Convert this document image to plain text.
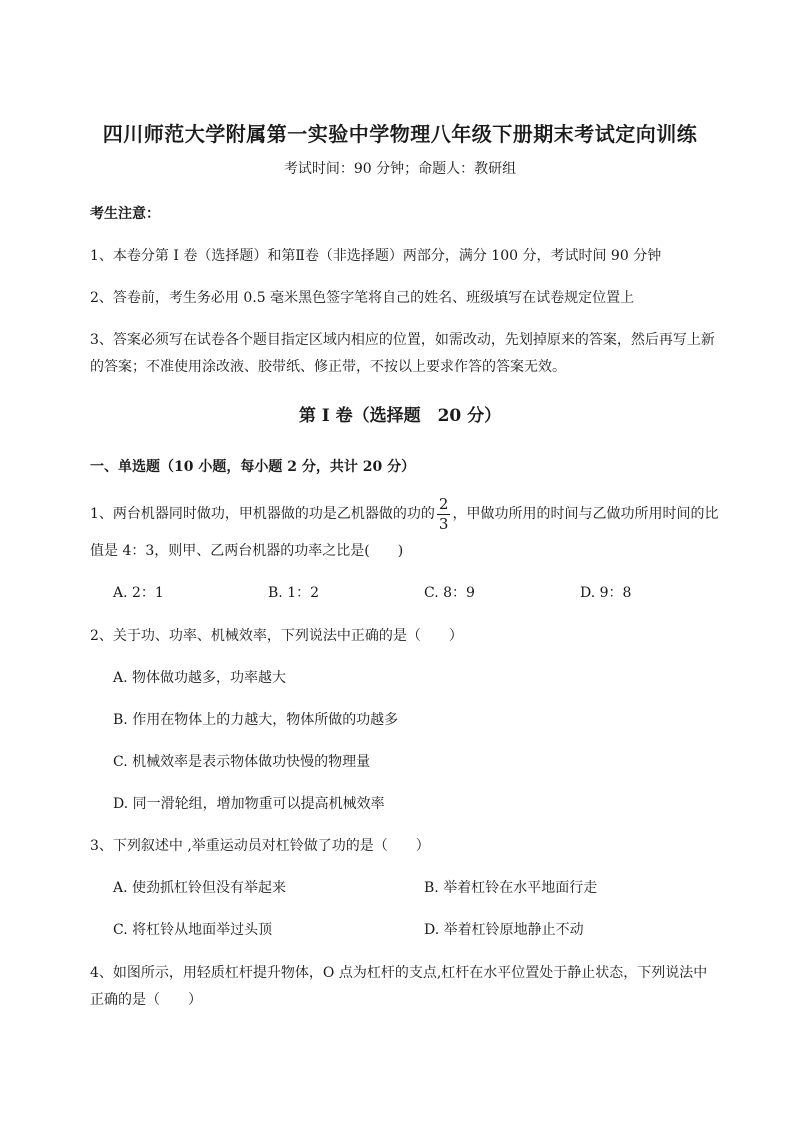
四川师范大学附属第一实验中学物理八年级下册期末考试定向训练
考试时间：90 分钟；命题人：教研组
考生注意：
1、本卷分第 I 卷（选择题）和第Ⅱ卷（非选择题）两部分，满分 100 分，考试时间 90 分钟
2、答卷前，考生务必用 0.5 毫米黑色签字笔将自己的姓名、班级填写在试卷规定位置上
3、答案必须写在试卷各个题目指定区域内相应的位置，如需改动，先划掉原来的答案，然后再写上新
的答案；不准使用涂改液、胶带纸、修正带，不按以上要求作答的答案无效。
第 I 卷（选择题　20 分）
一、单选题（10 小题，每小题 2 分，共计 20 分）
1、两台机器同时做功，甲机器做的功是乙机器做的功的 $\frac{2}{3}$ ，甲做功所用的时间与乙做功所用时间的比
值是 4：3，则甲、乙两台机器的功率之比是(　　)
A. 2：1	B. 1：2	C. 8：9	D. 9：8
2、关于功、功率、机械效率，下列说法中正确的是（　　）
A. 物体做功越多，功率越大
B. 作用在物体上的力越大，物体所做的功越多
C. 机械效率是表示物体做功快慢的物理量
D. 同一滑轮组，增加物重可以提高机械效率
3、下列叙述中 ,举重运动员对杠铃做了功的是（　　）
A. 使劲抓杠铃但没有举起来	B. 举着杠铃在水平地面行走
C. 将杠铃从地面举过头顶	D. 举着杠铃原地静止不动
4、如图所示，用轻质杠杆提升物体，O 点为杠杆的支点,杠杆在水平位置处于静止状态，下列说法中
正确的是（　　）
